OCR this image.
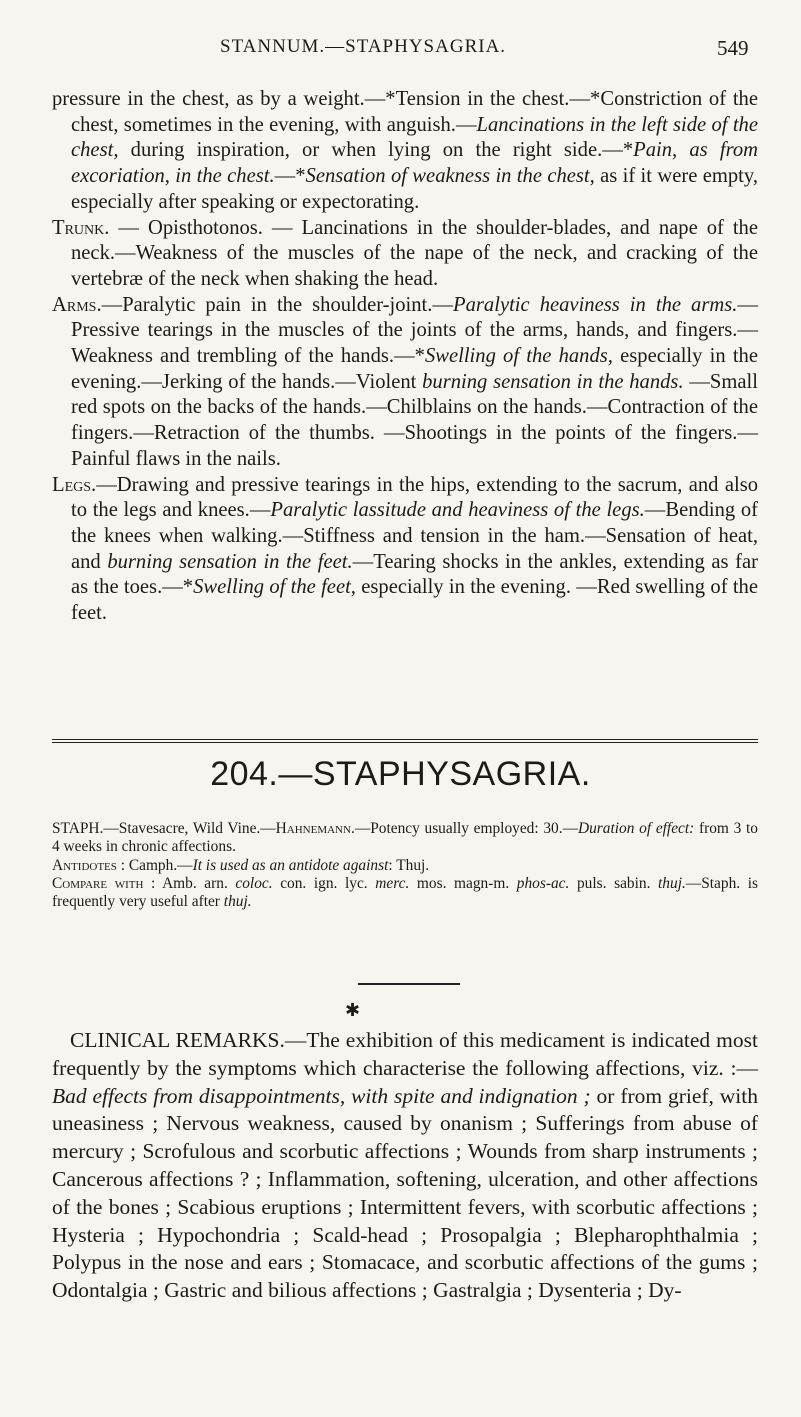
STANNUM.—STAPHYSAGRIA.	549

pressure in the chest, as by a weight.—*Tension in the chest.—*Constriction of the chest, sometimes in the evening, with anguish.—Lancinations in the left side of the chest, during inspiration, or when lying on the right side.—*Pain, as from excoriation, in the chest.—*Sensation of weakness in the chest, as if it were empty, especially after speaking or expectorating.

Trunk. — Opisthotonos. — Lancinations in the shoulder-blades, and nape of the neck.—Weakness of the muscles of the nape of the neck, and cracking of the vertebræ of the neck when shaking the head.

Arms.—Paralytic pain in the shoulder-joint.—Paralytic heaviness in the arms.—Pressive tearings in the muscles of the joints of the arms, hands, and fingers.—Weakness and trembling of the hands.—*Swelling of the hands, especially in the evening.—Jerking of the hands.—Violent burning sensation in the hands. —Small red spots on the backs of the hands.—Chilblains on the hands.—Contraction of the fingers.—Retraction of the thumbs. —Shootings in the points of the fingers.—Painful flaws in the nails.

Legs.—Drawing and pressive tearings in the hips, extending to the sacrum, and also to the legs and knees.—Paralytic lassitude and heaviness of the legs.—Bending of the knees when walking.—Stiffness and tension in the ham.—Sensation of heat, and burning sensation in the feet.—Tearing shocks in the ankles, extending as far as the toes.—*Swelling of the feet, especially in the evening. —Red swelling of the feet.

204.—STAPHYSAGRIA.

STAPH.—Stavesacre, Wild Vine.—Hahnemann.—Potency usually employed: 30.—Duration of effect: from 3 to 4 weeks in chronic affections.

Antidotes : Camph.—It is used as an antidote against: Thuj.

Compare with : Amb. arn. coloc. con. ign. lyc. merc. mos. magn-m. phos-ac. puls. sabin. thuj.—Staph. is frequently very useful after thuj.

✱

CLINICAL REMARKS.—The exhibition of this medicament is indicated most frequently by the symptoms which characterise the following affections, viz. :—Bad effects from disappointments, with spite and indignation ; or from grief, with uneasiness ; Nervous weakness, caused by onanism ; Sufferings from abuse of mercury ; Scrofulous and scorbutic affections ; Wounds from sharp instruments ; Cancerous affections ? ; Inflammation, softening, ulceration, and other affections of the bones ; Scabious eruptions ; Intermittent fevers, with scorbutic affections ; Hysteria ; Hypochondria ; Scald-head ; Prosopalgia ; Blepharophthalmia ; Polypus in the nose and ears ; Stomacace, and scorbutic affections of the gums ; Odontalgia ; Gastric and bilious affections ; Gastralgia ; Dysenteria ; Dy-
